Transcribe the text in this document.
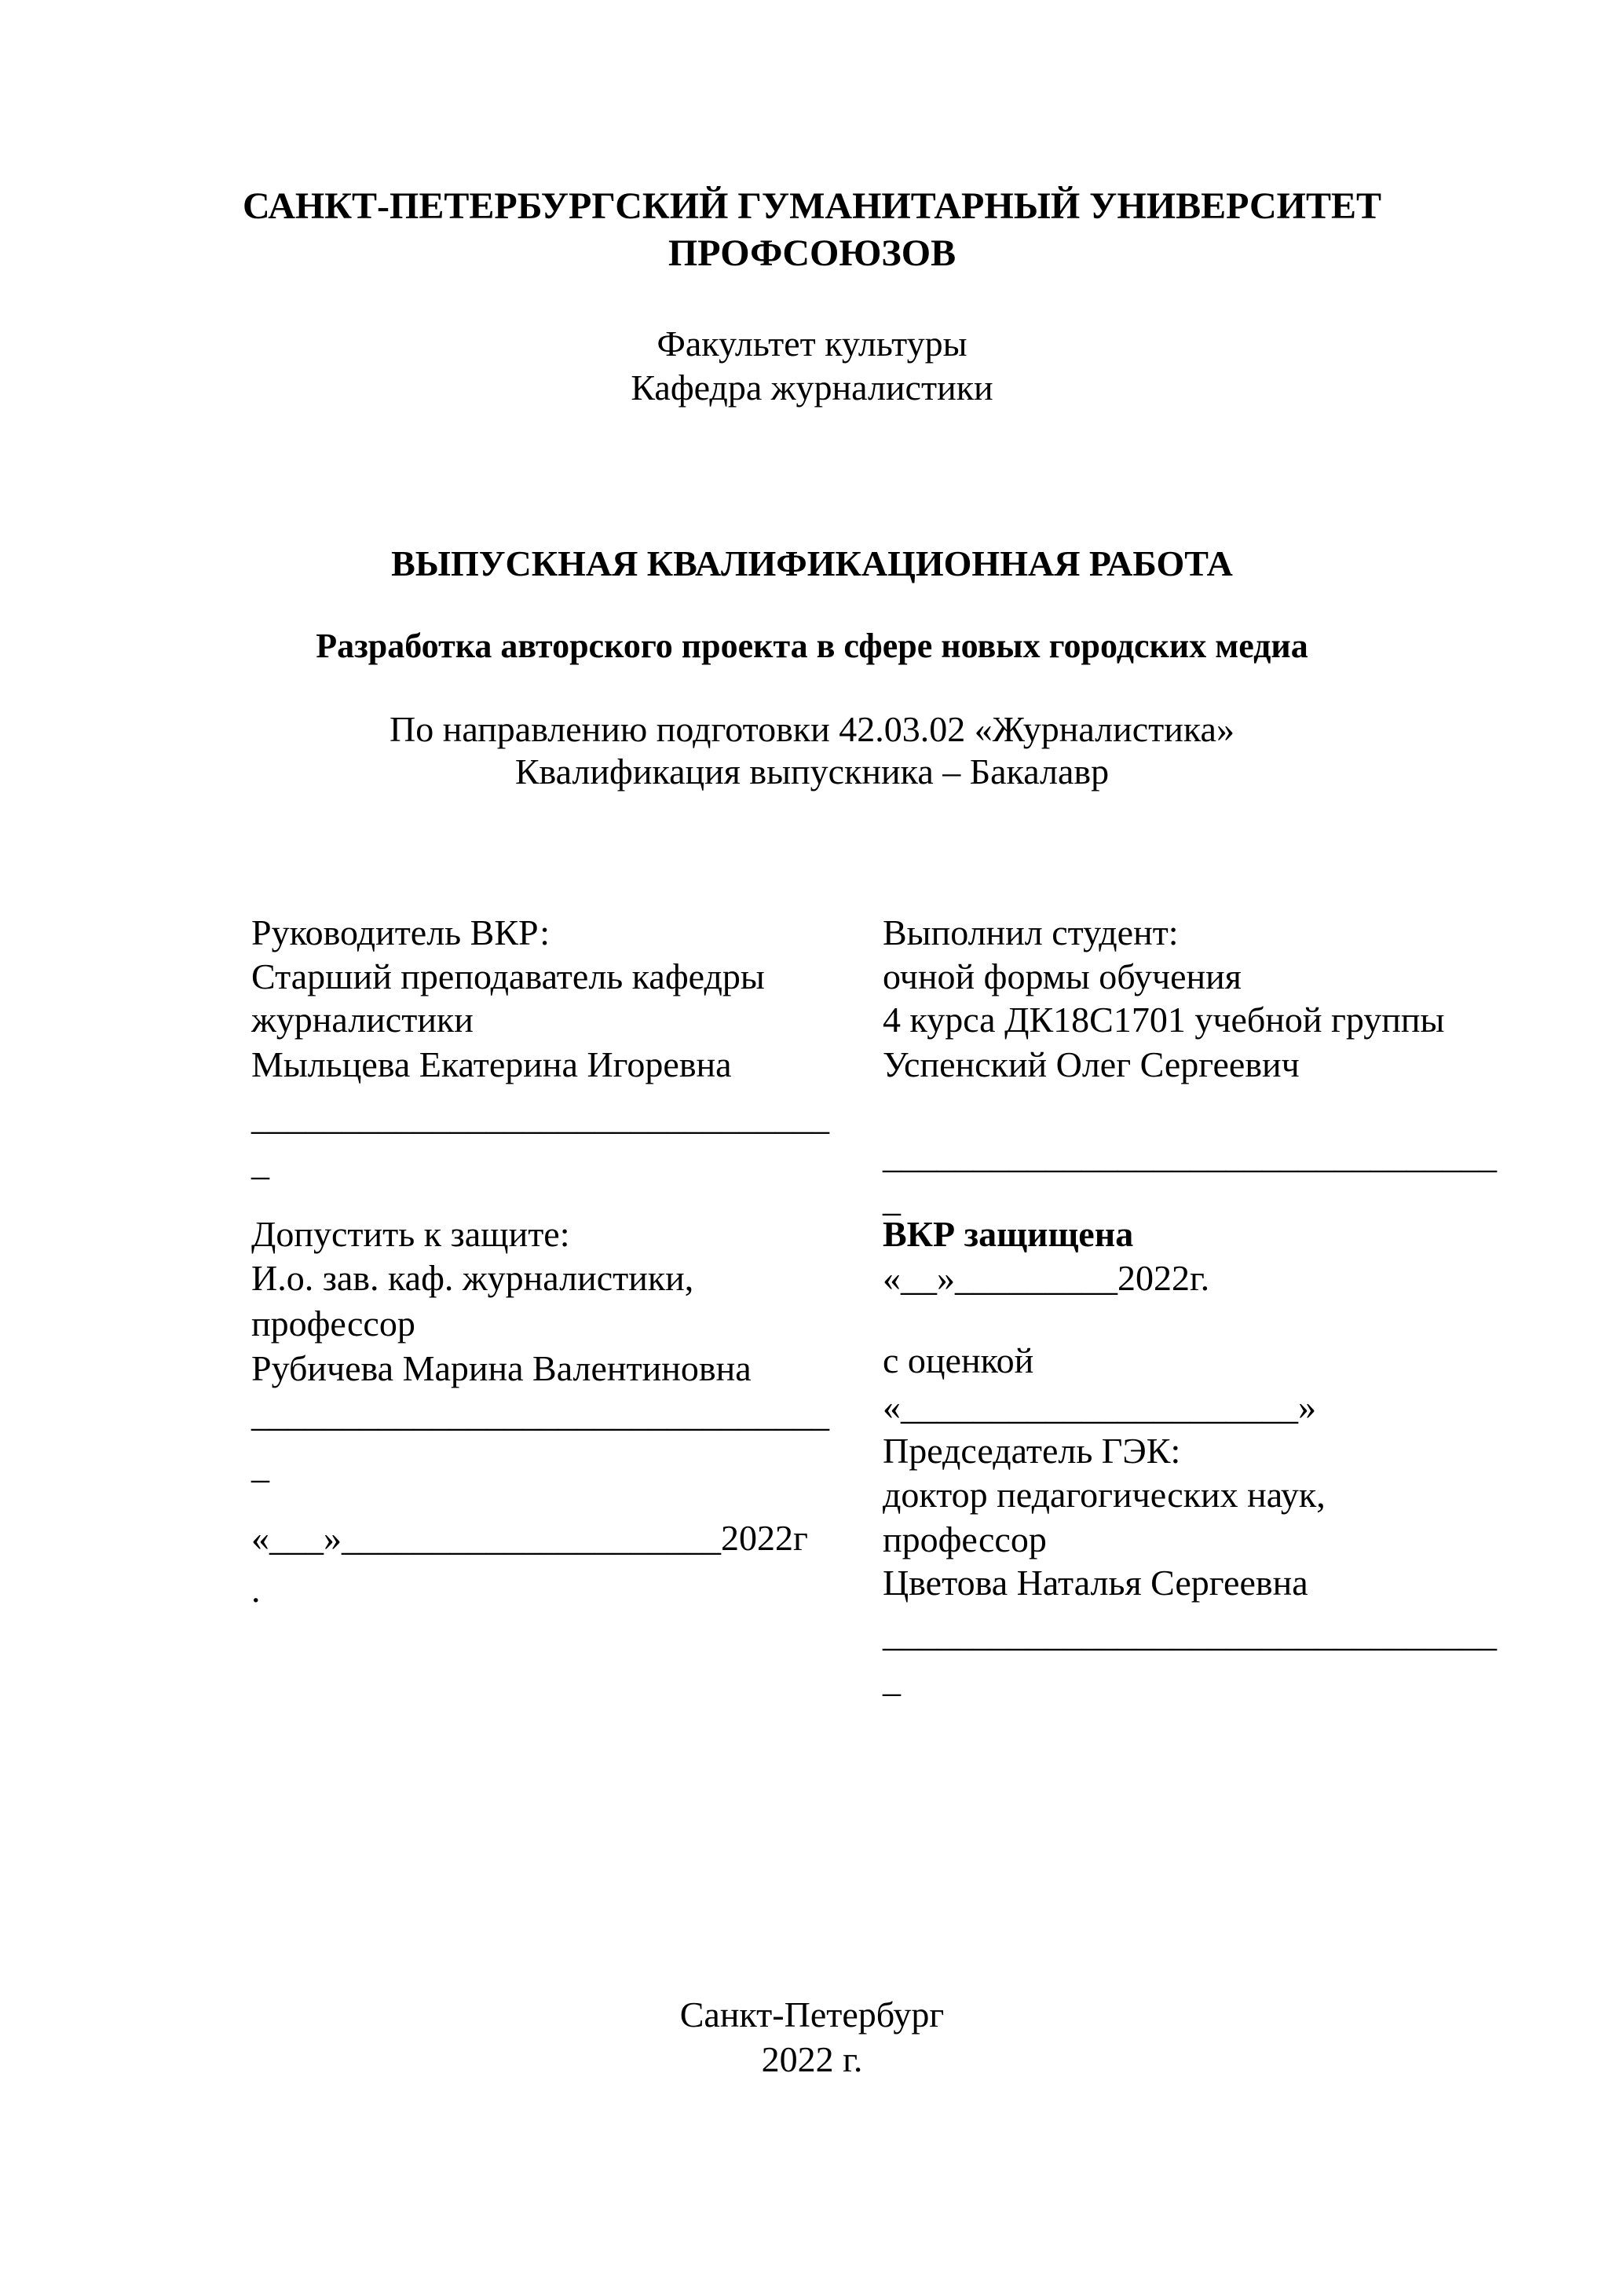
САНКТ-ПЕТЕРБУРГСКИЙ ГУМАНИТАРНЫЙ УНИВЕРСИТЕТ
ПРОФСОЮЗОВ
Факультет культуры
Кафедра журналистики
ВЫПУСКНАЯ КВАЛИФИКАЦИОННАЯ РАБОТА
Разработка авторского проекта в сфере новых городских медиа
По направлению подготовки 42.03.02 «Журналистика»
Квалификация выпускника – Бакалавр
Руководитель ВКР:
Старший преподаватель кафедры
журналистики
Мыльцева Екатерина Игоревна
________________________________
_
Допустить к защите:
И.о. зав. каф. журналистики,
профессор
Рубичева Марина Валентиновна
________________________________
_
«___»_____________________2022г
.
Выполнил студент:
очной формы обучения
4 курса ДК18С1701 учебной группы
Успенский Олег Сергеевич
__________________________________
_
ВКР защищена
«__»_________2022г.
с оценкой
«______________________»
Председатель ГЭК:
доктор педагогических наук,
профессор
Цветова Наталья Сергеевна
__________________________________
_
Санкт-Петербург
2022 г.
